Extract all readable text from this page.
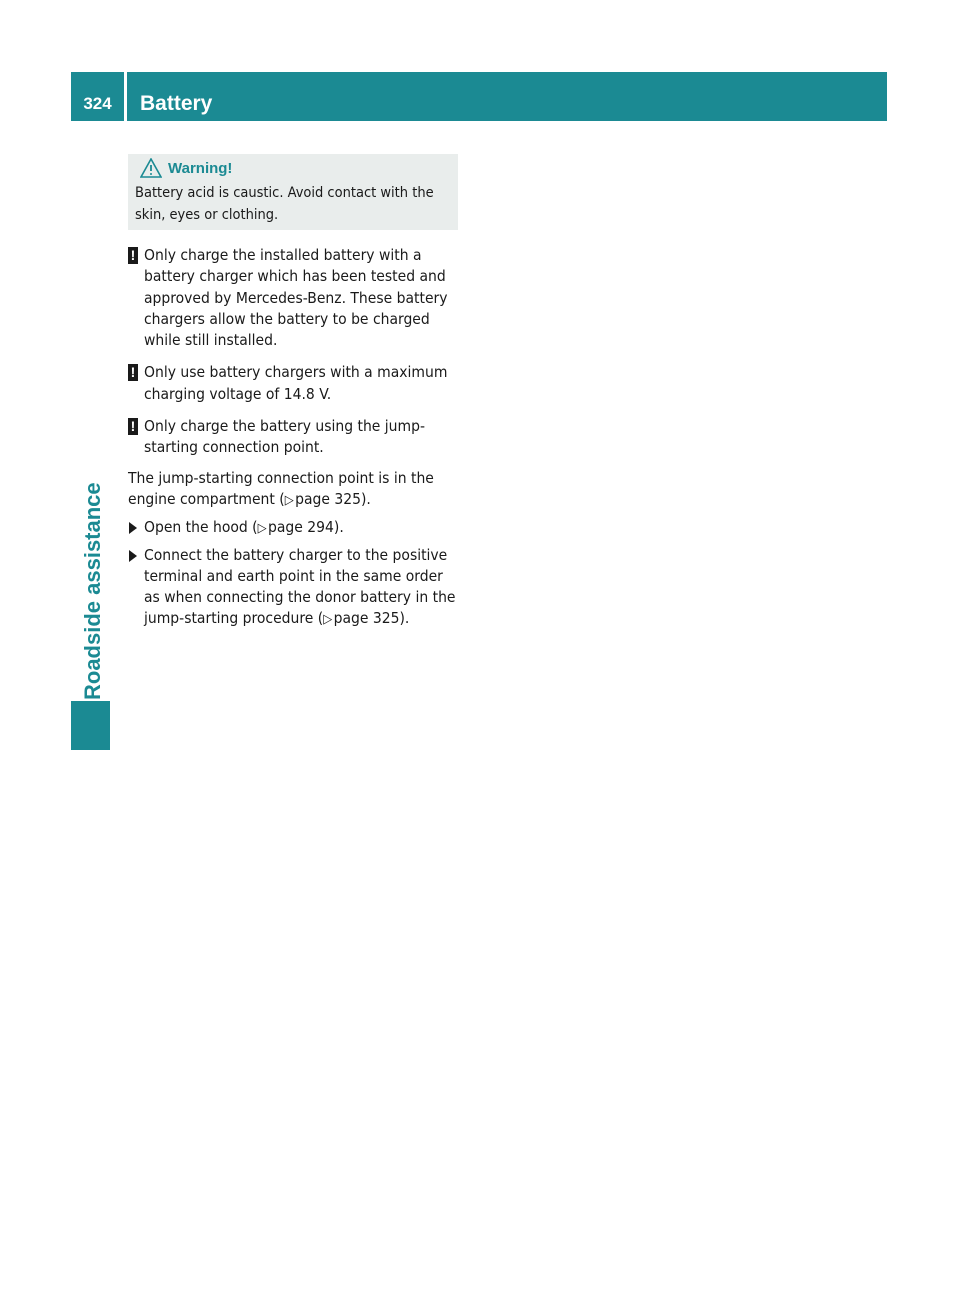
324	Battery
Roadside assistance
Warning!
Battery acid is caustic. Avoid contact with the skin, eyes or clothing.
! Only charge the installed battery with a battery charger which has been tested and approved by Mercedes-Benz. These battery chargers allow the battery to be charged while still installed.
! Only use battery chargers with a maximum charging voltage of 14.8 V.
! Only charge the battery using the jump-starting connection point.
The jump-starting connection point is in the engine compartment (▷ page 325).
Open the hood (▷ page 294).
Connect the battery charger to the positive terminal and earth point in the same order as when connecting the donor battery in the jump-starting procedure (▷ page 325).
